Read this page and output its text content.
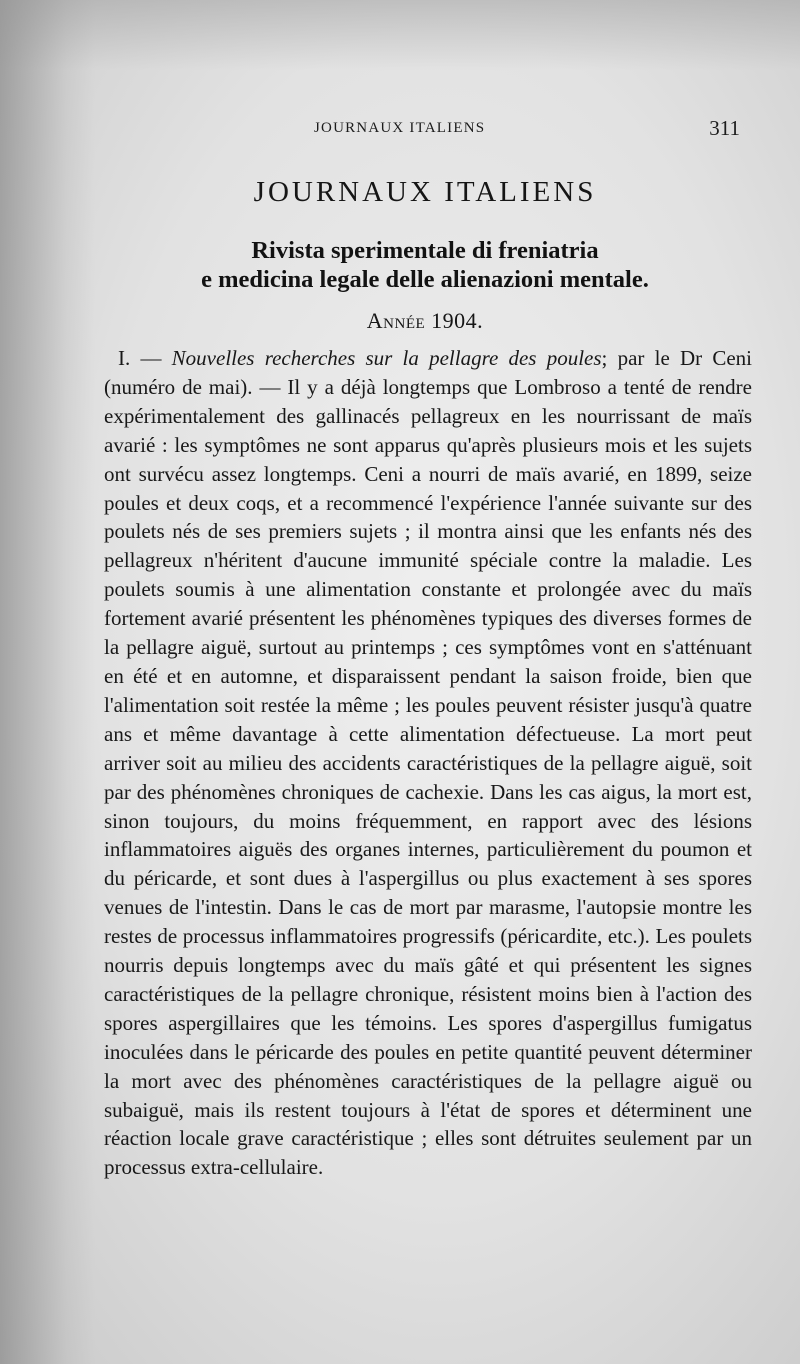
JOURNAUX ITALIENS	311
JOURNAUX ITALIENS
Rivista sperimentale di freniatria
e medicina legale delle alienazioni mentale.
Année 1904.

I. — Nouvelles recherches sur la pellagre des poules; par le Dr Ceni (numéro de mai). — Il y a déjà longtemps que Lombroso a tenté de rendre expérimentalement des gallinacés pellagreux en les nourrissant de maïs avarié : les symptômes ne sont apparus qu'après plusieurs mois et les sujets ont survécu assez longtemps. Ceni a nourri de maïs avarié, en 1899, seize poules et deux coqs, et a recommencé l'expérience l'année suivante sur des poulets nés de ses premiers sujets ; il montra ainsi que les enfants nés des pellagreux n'héritent d'aucune immunité spéciale contre la maladie. Les poulets soumis à une alimentation constante et prolongée avec du maïs fortement avarié présentent les phénomènes typiques des diverses formes de la pellagre aiguë, surtout au printemps ; ces symptômes vont en s'atténuant en été et en automne, et disparaissent pendant la saison froide, bien que l'alimentation soit restée la même ; les poules peuvent résister jusqu'à quatre ans et même davantage à cette alimentation défectueuse. La mort peut arriver soit au milieu des accidents caractéristiques de la pellagre aiguë, soit par des phénomènes chroniques de cachexie. Dans les cas aigus, la mort est, sinon toujours, du moins fréquemment, en rapport avec des lésions inflammatoires aiguës des organes internes, particulièrement du poumon et du péricarde, et sont dues à l'aspergillus ou plus exactement à ses spores venues de l'intestin. Dans le cas de mort par marasme, l'autopsie montre les restes de processus inflammatoires progressifs (péricardite, etc.). Les poulets nourris depuis longtemps avec du maïs gâté et qui présentent les signes caractéristiques de la pellagre chronique, résistent moins bien à l'action des spores aspergillaires que les témoins. Les spores d'aspergillus fumigatus inoculées dans le péricarde des poules en petite quantité peuvent déterminer la mort avec des phénomènes caractéristiques de la pellagre aiguë ou subaiguë, mais ils restent toujours à l'état de spores et déterminent une réaction locale grave caractéristique ; elles sont détruites seulement par un processus extra-cellulaire.
